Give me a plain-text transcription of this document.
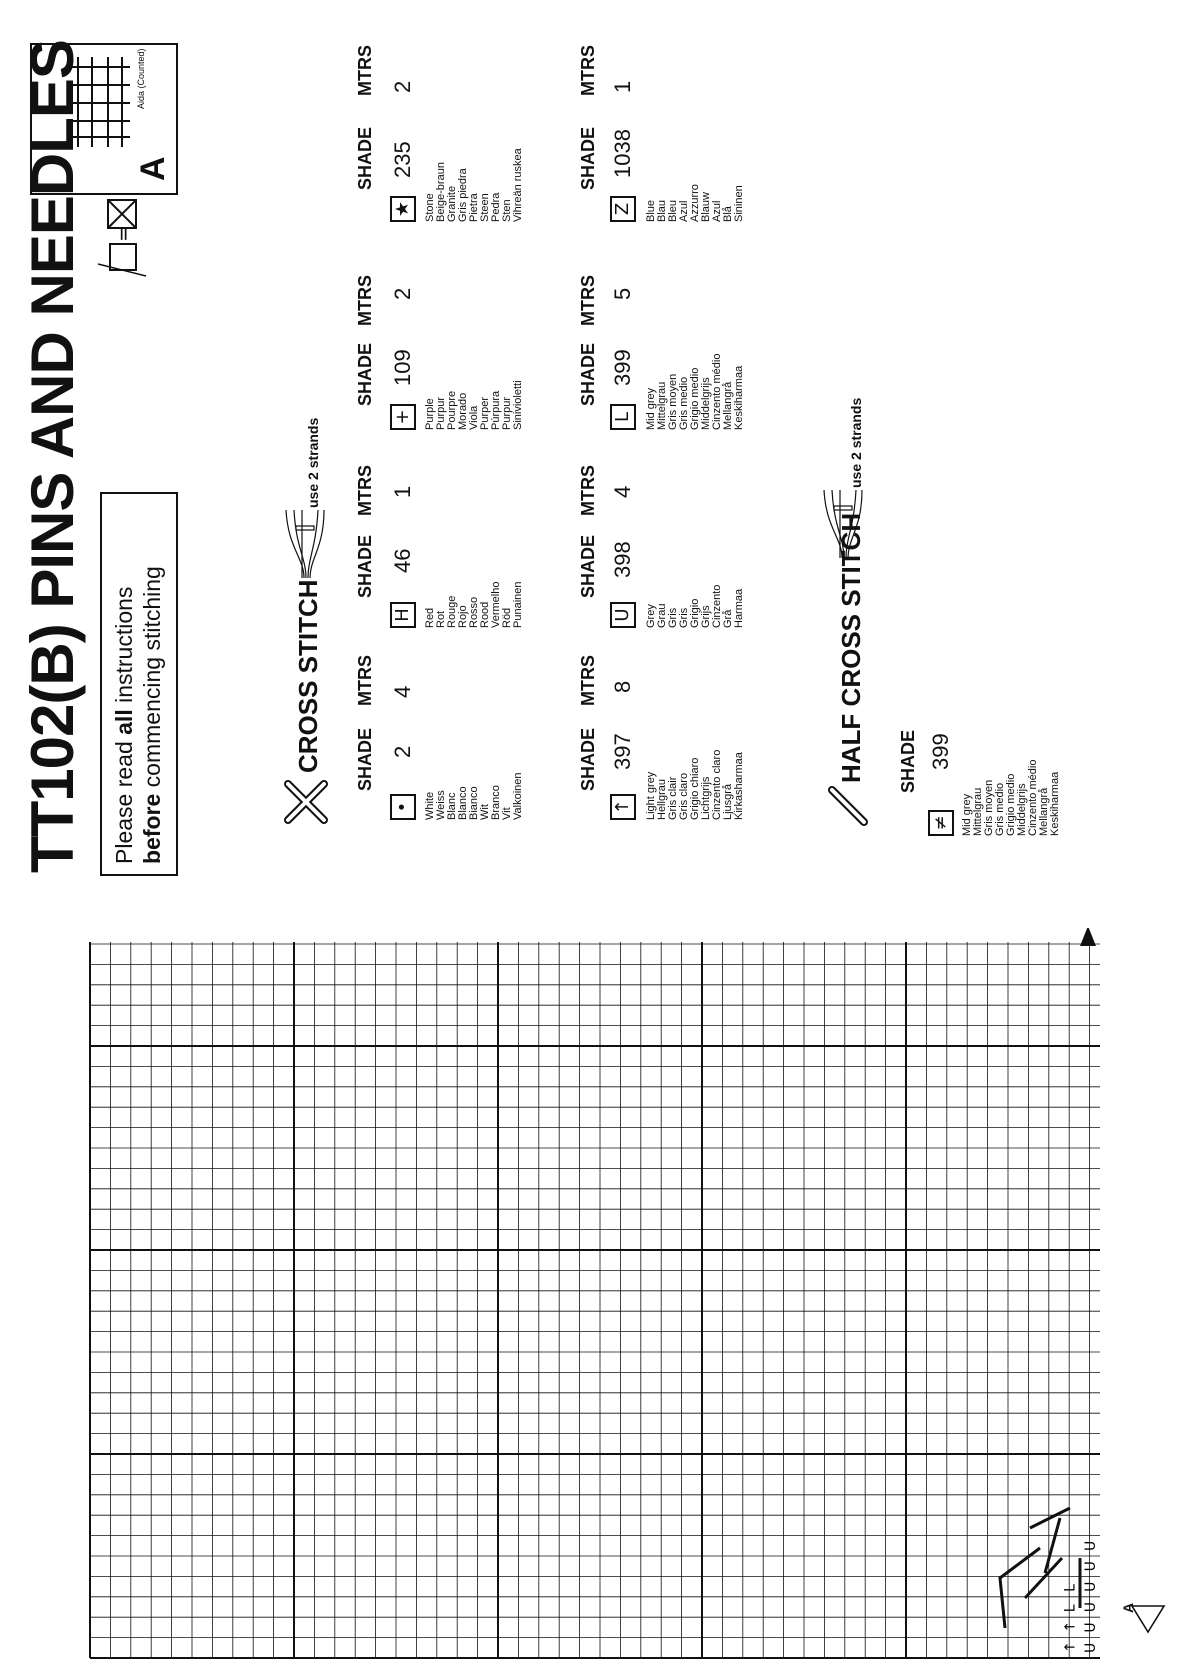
TT102(B) PINS AND NEEDLES Please read all instructions
before commencing stitching
=
A
Aida (Counted)
CROSS STITCH
use 2 strands
SHADE
MTRS
SHADE
MTRS
SHADE
MTRS
SHADE
MTRS
•
2
4
White
Weiss
Blanc
Blanco
Bianco
Wit
Branco
Vit
Valkoinen
H
46
1
Red
Rot
Rouge
Rojo
Rosso
Rood
Vermelho
Röd
Punainen
+
109
2
Purple
Purpur
Pourpre
Morado
Viola
Purper
Púrpura
Purpur
Sinivioletti
★
235
2
Stone
Beige-braun
Granite
Gris piedra
Pietra
Steen
Pedra
Sten
Vihreän ruskea
SHADE
MTRS
SHADE
MTRS
SHADE
MTRS
SHADE
MTRS
↑
397
8
Light grey
Hellgrau
Gris clair
Gris claro
Grigio chiaro
Lichtgrijs
Cinzento claro
Ljusgrå
Kirkasharmaa
U
398
4
Grey
Grau
Gris
Gris
Grigio
Grijs
Cinzento
Grå
Harmaa
L
399
5
Mid grey
Mittelgrau
Gris moyen
Gris medio
Grigio medio
Middelgrijs
Cinzento médio
Mellangrå
Keskiharmaa
Z
1038
1
Blue
Blau
Bleu
Azul
Azzurro
Blauw
Azul
Blå
Sininen
HALF CROSS STITCH
use 2 strands
SHADE
≠
399
Mid grey
Mittelgrau
Gris moyen
Gris medio
Grigio medio
Middelgrijs
Cinzento médio
Mellangrå
Keskiharmaa
U
U
U
U
U
U
↑
↑
L
L
A
